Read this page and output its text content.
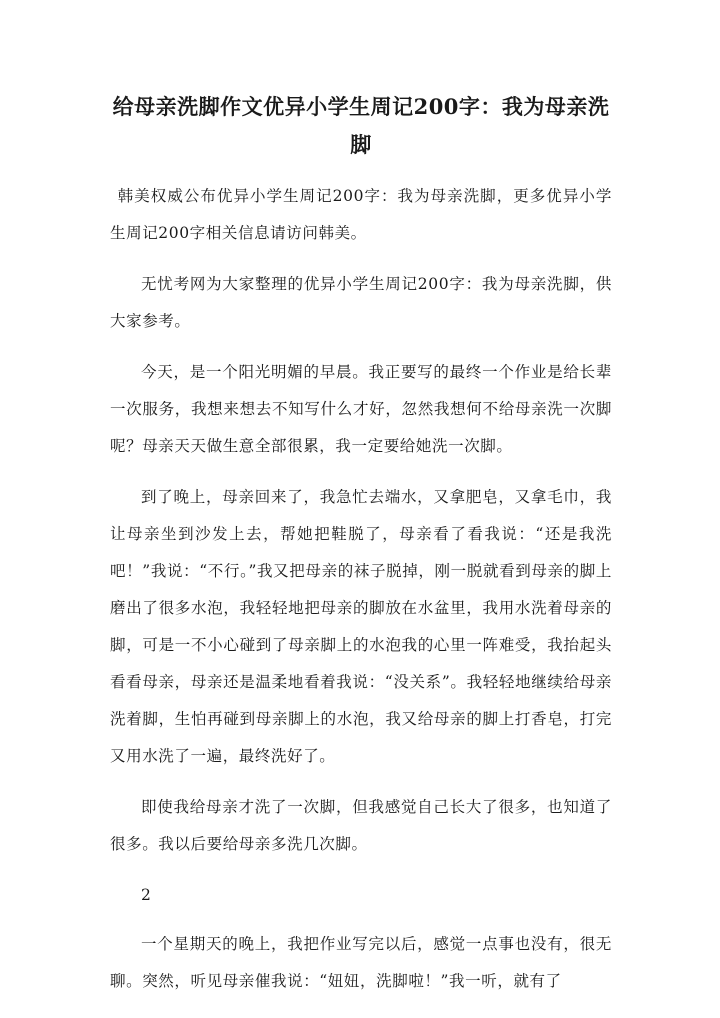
给母亲洗脚作文优异小学生周记200字：我为母亲洗脚

韩美权威公布优异小学生周记200字：我为母亲洗脚，更多优异小学生周记200字相关信息请访问韩美。

无忧考网为大家整理的优异小学生周记200字：我为母亲洗脚，供大家参考。

今天，是一个阳光明媚的早晨。我正要写的最终一个作业是给长辈一次服务，我想来想去不知写什么才好，忽然我想何不给母亲洗一次脚呢？母亲天天做生意全部很累，我一定要给她洗一次脚。

到了晚上，母亲回来了，我急忙去端水，又拿肥皂，又拿毛巾，我让母亲坐到沙发上去，帮她把鞋脱了，母亲看了看我说：“还是我洗吧！”我说：“不行。”我又把母亲的袜子脱掉，刚一脱就看到母亲的脚上磨出了很多水泡，我轻轻地把母亲的脚放在水盆里，我用水洗着母亲的脚，可是一不小心碰到了母亲脚上的水泡我的心里一阵难受，我抬起头看看母亲，母亲还是温柔地看着我说：“没关系”。我轻轻地继续给母亲洗着脚，生怕再碰到母亲脚上的水泡，我又给母亲的脚上打香皂，打完又用水洗了一遍，最终洗好了。

即使我给母亲才洗了一次脚，但我感觉自己长大了很多，也知道了很多。我以后要给母亲多洗几次脚。

2

一个星期天的晚上，我把作业写完以后，感觉一点事也没有，很无聊。突然，听见母亲催我说：“妞妞，洗脚啦！”我一听，就有了
